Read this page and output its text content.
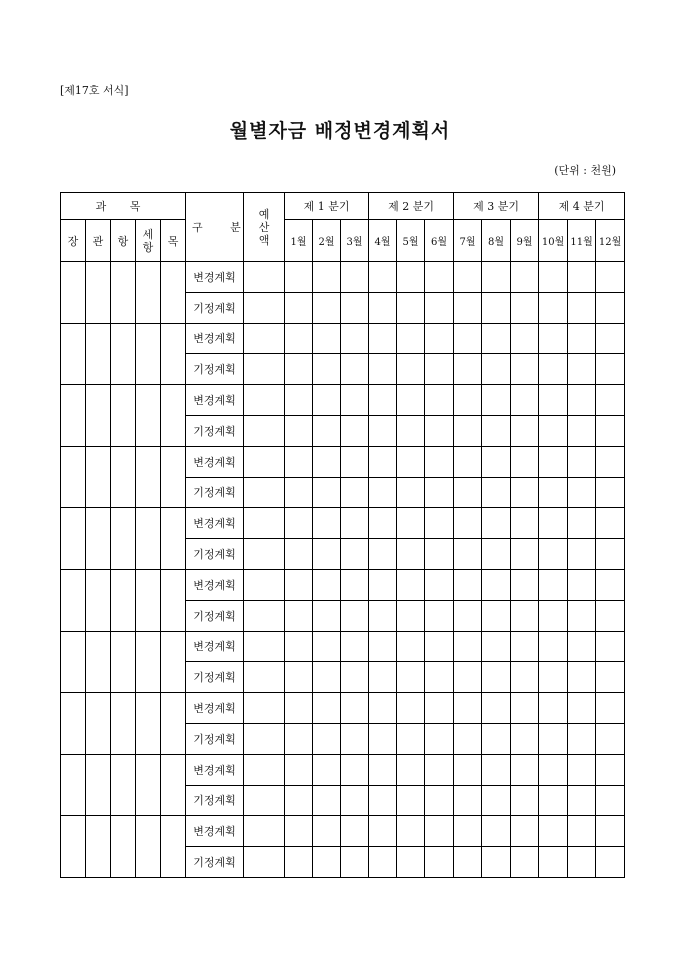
[제17호 서식]
월별자금 배정변경계획서
(단위 : 천원)
과 목					구 분	예산액	제 1 분기			제 2 분기			제 3 분기			제 4 분기		
장	관	항	세항	목			1월	2월	3월	4월	5월	6월	7월	8월	9월	10월	11월	12월
					변경계획													
					기정계획													
					변경계획													
					기정계획													
					변경계획													
					기정계획													
					변경계획													
					기정계획													
					변경계획													
					기정계획													
					변경계획													
					기정계획													
					변경계획													
					기정계획													
					변경계획													
					기정계획													
					변경계획													
					기정계획													
					변경계획													
					기정계획													
